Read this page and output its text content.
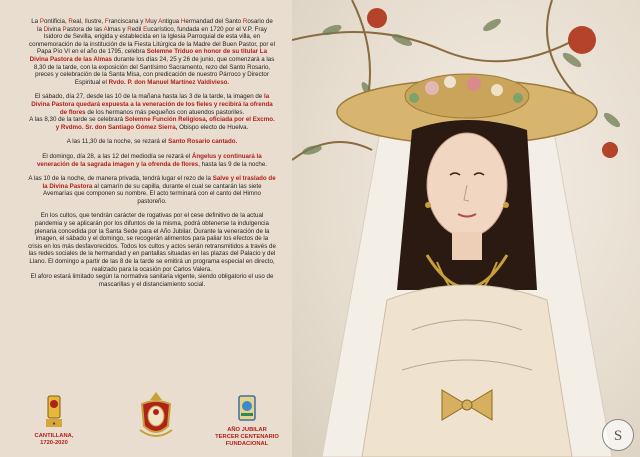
La Pontificia, Real, Ilustre, Franciscana y Muy Antigua Hermandad del Santo Rosario de la Divina Pastora de las Almas y Redil Eucarístico, fundada en 1720 por el V.P. Fray Isidoro de Sevilla, erigida y establecida en la Iglesia Parroquial de esta villa, en conmemoración de la institución de la Fiesta Litúrgica de la Madre del Buen Pastor, por el Papa Pío VI en el año de 1795, celebra Solemne Triduo en honor de su titular La Divina Pastora de las Almas durante los días 24, 25 y 26 de junio, que comenzará a las 8,30 de la tarde, con la exposición del Santísimo Sacramento, rezo del Santo Rosario, preces y celebración de la Santa Misa, con predicación de nuestro Párroco y Director Espiritual el Rvdo. P. don Manuel Martínez Valdivieso.

El sábado, día 27, desde las 10 de la mañana hasta las 3 de la tarde, la imagen de la Divina Pastora quedará expuesta a la veneración de los fieles y recibirá la ofrenda de flores de los hermanos más pequeños con atuendos pastoriles.
A las 8,30 de la tarde se celebrará Solemne Función Religiosa, oficiada por el Excmo. y Rvdmo. Sr. don Santiago Gómez Sierra, Obispo electo de Huelva.

A las 11,30 de la noche, se rezará el Santo Rosario cantado.

El domingo, día 28, a las 12 del mediodía se rezará el Ángelus y continuará la veneración de la sagrada imagen y la ofrenda de flores, hasta las 9 de la noche.

A las 10 de la noche, de manera privada, tendrá lugar el rezo de la Salve y el traslado de la Divina Pastora al camarín de su capilla, durante el cual se cantarán las siete Avemarías que componen su nombre. El acto terminará con el canto del Himno pastoreño.

En los cultos, que tendrán carácter de rogativas por el cese definitivo de la actual pandemia y se aplicarán por los difuntos de la misma, podrá obtenerse la indulgencia plenaria concedida por la Santa Sede para el Año Jubilar. Durante la veneración de la imagen, el sábado y el domingo, se recogerán alimentos para paliar los efectos de la crisis en los más desfavorecidos. Todos los cultos y actos serán retransmitidos a través de las redes sociales de la hermandad y en pantallas situadas en las plazas del Palacio y del Llano. El domingo a partir de las 8 de la tarde se emitirá un programa especial en directo, realizado para la ocasión por Carlos Valera.
El aforo estará limitado según la normativa sanitaria vigente, siendo obligatorio el uso de mascarillas y el distanciamiento social.

♦

CANTILLANA,
1720-2020

AÑO JUBILAR
TERCER CENTENARIO
FUNDACIONAL	S
